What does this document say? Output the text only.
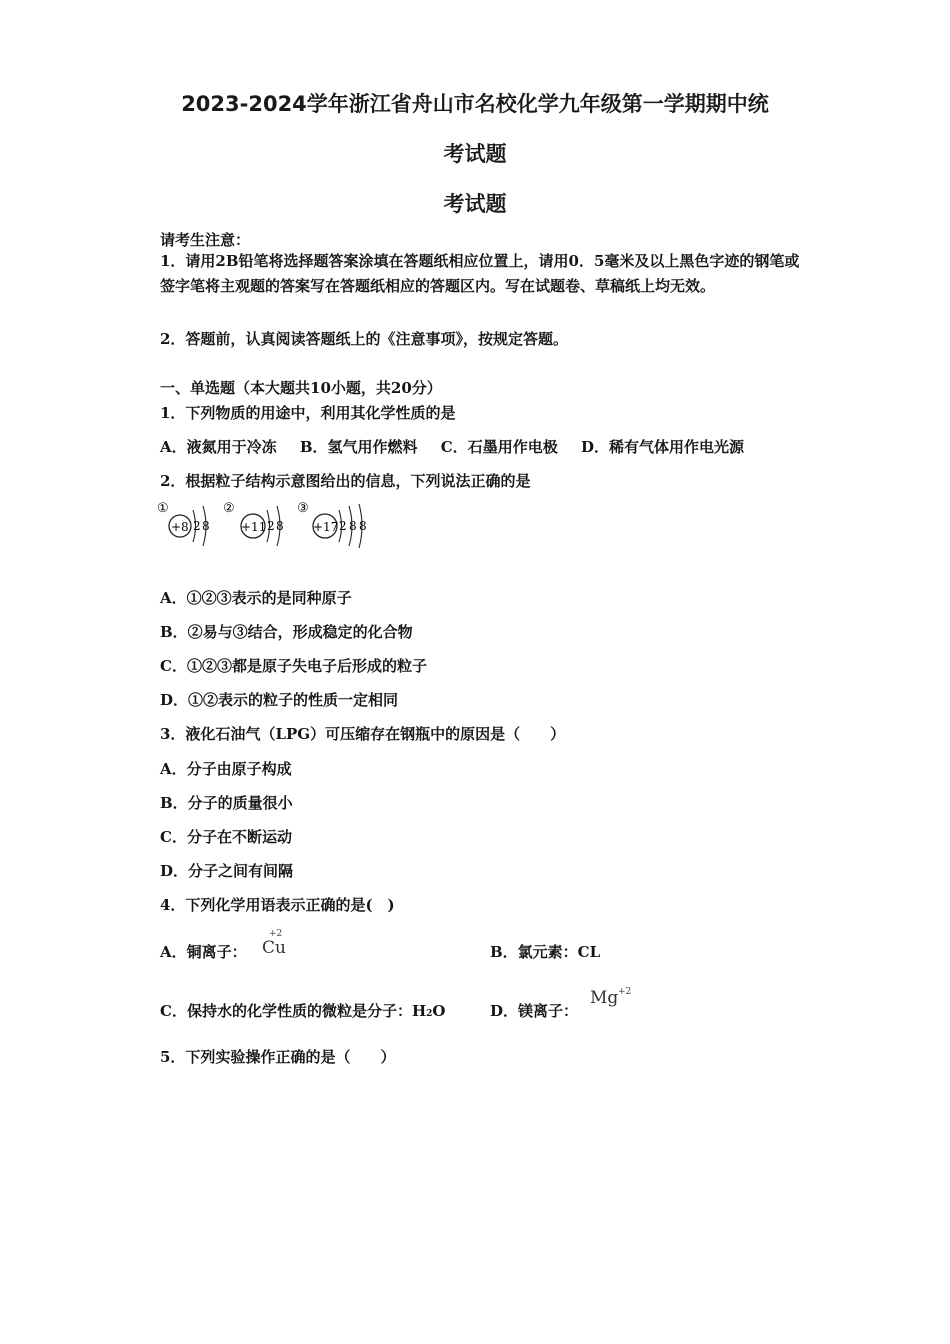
2023-2024学年浙江省舟山市名校化学九年级第一学期期中统
考试题
考试题
请考生注意：
1．请用2B铅笔将选择题答案涂填在答题纸相应位置上，请用0．5毫米及以上黑色字迹的钢笔或签字笔将主观题的答案写在答题纸相应的答题区内。写在试题卷、草稿纸上均无效。
2．答题前，认真阅读答题纸上的《注意事项》，按规定答题。
一、单选题（本大题共10小题，共20分）
1．下列物质的用途中，利用其化学性质的是
A．液氮用于冷冻 B．氢气用作燃料 C．石墨用作电极 D．稀有气体用作电光源
2．根据粒子结构示意图给出的信息，下列说法正确的是
①
+8 2 8
②
+11 2 8
③
+17 2 8 8
A．①②③表示的是同种原子
B．②易与③结合，形成稳定的化合物
C．①②③都是原子失电子后形成的粒子
D．①②表示的粒子的性质一定相同
3．液化石油气（LPG）可压缩存在钢瓶中的原因是（　　）
A．分子由原子构成
B．分子的质量很小
C．分子在不断运动
D．分子之间有间隔
4．下列化学用语表示正确的是(　)
A．铜离子：
+2
Cu	B．氯元素：CL
C．保持水的化学性质的微粒是分子：H2O	D．镁离子：
Mg +2
5．下列实验操作正确的是（　　）
